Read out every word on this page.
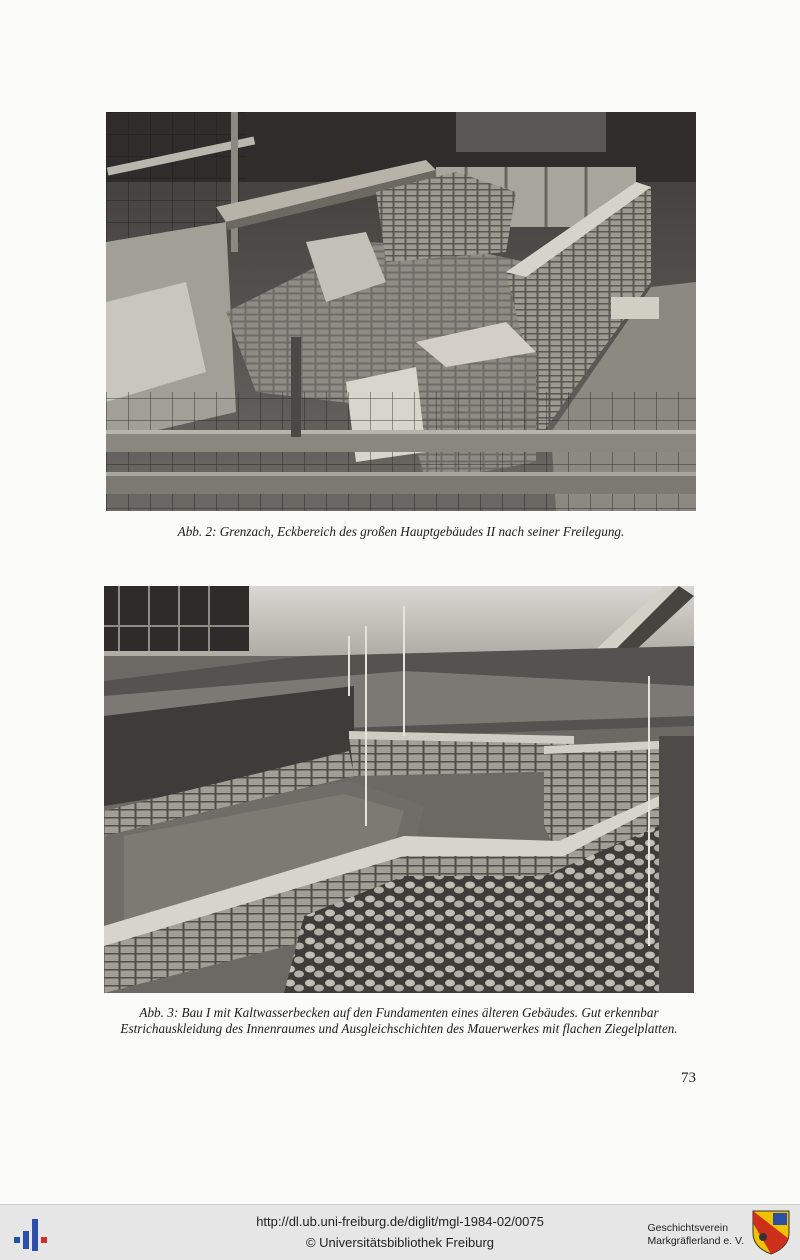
Abb. 2: Grenzach, Eckbereich des großen Hauptgebäudes II nach seiner Freilegung.
Abb. 3: Bau I mit Kaltwasserbecken auf den Fundamenten eines älteren Gebäudes. Gut erkennbar Estrichauskleidung des Innenraumes und Ausgleichschichten des Mauerwerkes mit flachen Ziegelplatten.
73
http://dl.ub.uni-freiburg.de/diglit/mgl-1984-02/0075
© Universitätsbibliothek Freiburg
Geschichtsverein
Markgräflerland e. V.
